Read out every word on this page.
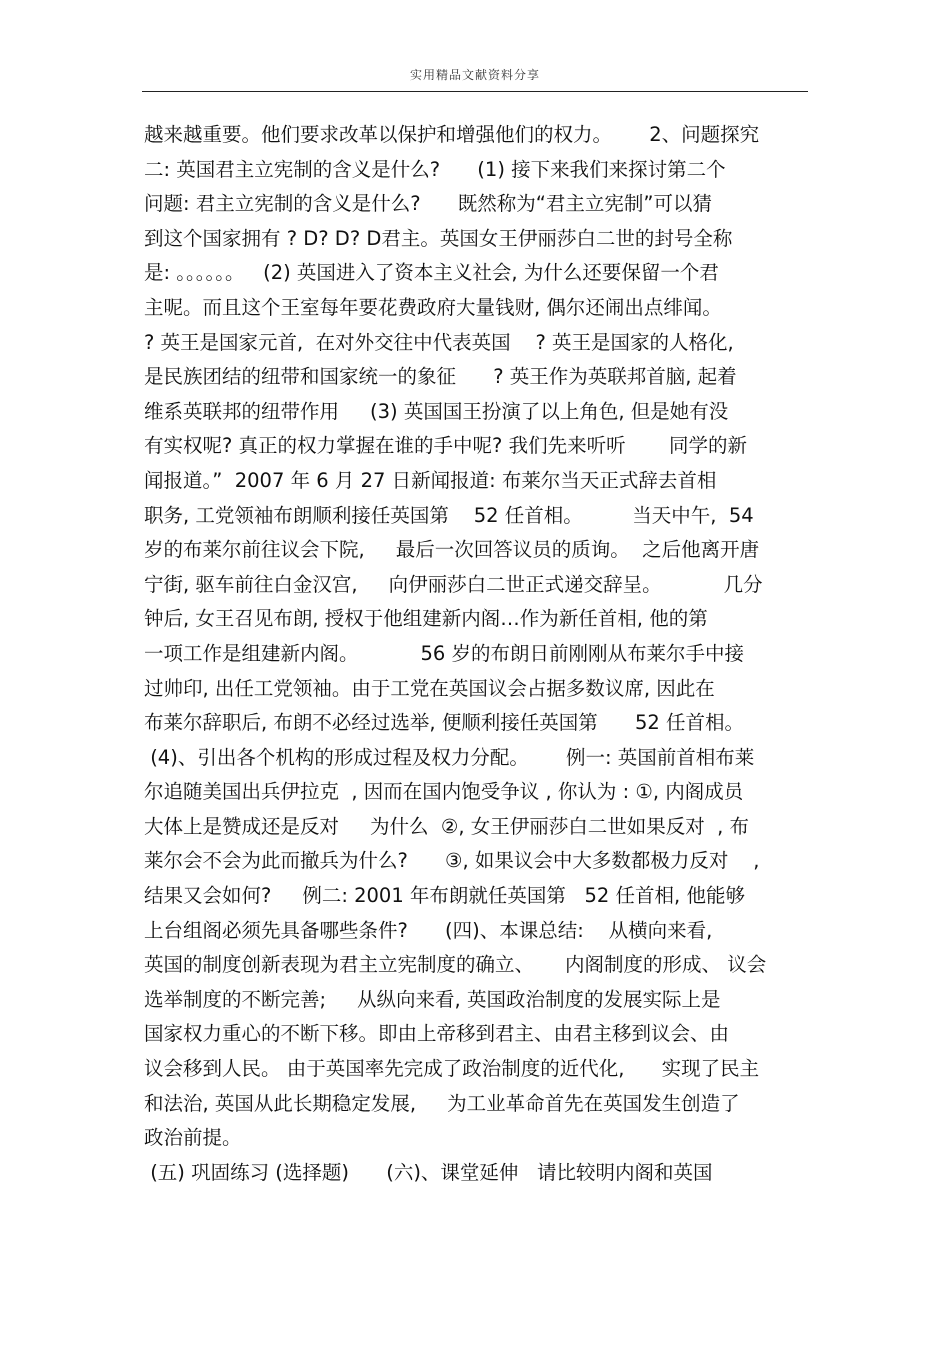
实用精品文献资料分享
越来越重要。他们要求改革以保护和增强他们的权力。      2、问题探究
二: 英国君主立宪制的含义是什么?      (1) 接下来我们来探讨第二个
问题: 君主立宪制的含义是什么?      既然称为“君主立宪制”可以猜
到这个国家拥有 ? D? D? D君主。英国女王伊丽莎白二世的封号全称
是: 。。。。。。   (2) 英国进入了资本主义社会, 为什么还要保留一个君
主呢。而且这个王室每年要花费政府大量钱财, 偶尔还闹出点绯闻。
? 英王是国家元首,  在对外交往中代表英国    ? 英王是国家的人格化,
是民族团结的纽带和国家统一的象征      ? 英王作为英联邦首脑, 起着
维系英联邦的纽带作用     (3) 英国国王扮演了以上角色, 但是她有没
有实权呢? 真正的权力掌握在谁的手中呢? 我们先来听听       同学的新
闻报道。”  2007 年 6 月 27 日新闻报道: 布莱尔当天正式辞去首相
职务, 工党领袖布朗顺利接任英国第    52 任首相。        当天中午,  54
岁的布莱尔前往议会下院,     最后一次回答议员的质询。  之后他离开唐
宁街, 驱车前往白金汉宫,     向伊丽莎白二世正式递交辞呈。          几分
钟后, 女王召见布朗, 授权于他组建新内阁…作为新任首相, 他的第
一项工作是组建新内阁。          56 岁的布朗日前刚刚从布莱尔手中接
过帅印, 出任工党领袖。由于工党在英国议会占据多数议席, 因此在
布莱尔辞职后, 布朗不必经过选举, 便顺利接任英国第      52 任首相。
(4)、引出各个机构的形成过程及权力分配。      例一: 英国前首相布莱
尔追随美国出兵伊拉克  , 因而在国内饱受争议 , 你认为 : ①, 内阁成员
大体上是赞成还是反对     为什么  ②, 女王伊丽莎白二世如果反对  , 布
莱尔会不会为此而撤兵为什么?      ③, 如果议会中大多数都极力反对    ,
结果又会如何?     例二: 2001 年布朗就任英国第   52 任首相, 他能够
上台组阁必须先具备哪些条件?      (四)、本课总结:    从横向来看,
英国的制度创新表现为君主立宪制度的确立、     内阁制度的形成、 议会
选举制度的不断完善;     从纵向来看, 英国政治制度的发展实际上是
国家权力重心的不断下移。即由上帝移到君主、由君主移到议会、由
议会移到人民。 由于英国率先完成了政治制度的近代化,      实现了民主
和法治, 英国从此长期稳定发展,     为工业革命首先在英国发生创造了
政治前提。
(五) 巩固练习 (选择题)      (六)、课堂延伸   请比较明内阁和英国
